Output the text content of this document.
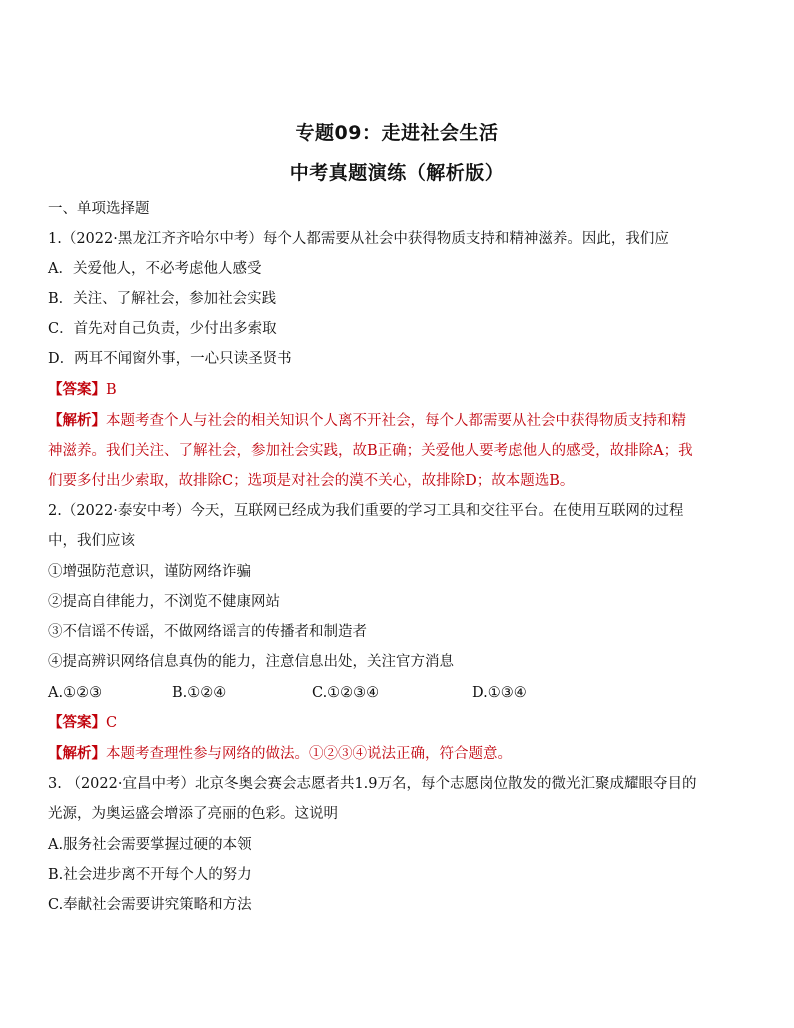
专题09：走进社会生活
中考真题演练（解析版）
一、单项选择题
1.（2022·黑龙江齐齐哈尔中考）每个人都需要从社会中获得物质支持和精神滋养。因此，我们应
A．关爱他人，不必考虑他人感受
B．关注、了解社会，参加社会实践
C．首先对自己负责，少付出多索取
D．两耳不闻窗外事，一心只读圣贤书
【答案】B
【解析】本题考查个人与社会的相关知识个人离不开社会，每个人都需要从社会中获得物质支持和精
神滋养。我们关注、了解社会，参加社会实践，故B正确；关爱他人要考虑他人的感受，故排除A；我
们要多付出少索取，故排除C；选项是对社会的漠不关心，故排除D；故本题选B。
2.（2022·泰安中考）今天，互联网已经成为我们重要的学习工具和交往平台。在使用互联网的过程
中，我们应该
①增强防范意识，谨防网络诈骗
②提高自律能力，不浏览不健康网站
③不信谣不传谣，不做网络谣言的传播者和制造者
④提高辨识网络信息真伪的能力，注意信息出处，关注官方消息
A.①②③	B.①②④	C.①②③④	D.①③④
【答案】C
【解析】本题考查理性参与网络的做法。①②③④说法正确，符合题意。
3. （2022·宜昌中考）北京冬奥会赛会志愿者共1.9万名，每个志愿岗位散发的微光汇聚成耀眼夺目的
光源，为奥运盛会增添了亮丽的色彩。这说明
A.服务社会需要掌握过硬的本领
B.社会进步离不开每个人的努力
C.奉献社会需要讲究策略和方法
